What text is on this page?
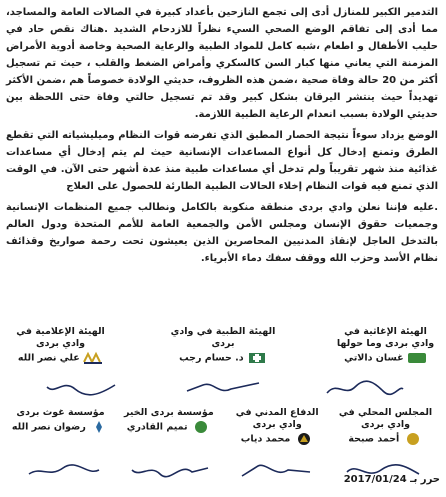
التدمير الكبير للمنازل أدى إلى تجمع النازحين بأعداد كبيرة في الصالات العامة والمساجد، مما أدى إلى تفاقم الوضع الصحي السيء نظراً للازدحام الشديد .هناك نقص حاد في حليب الأطفال و اطعام ،شبه كامل للمواد الطبية والرعاية الصحية وخاصة أدوية الأمراض المزمنة التي يعاني منها كبار السن كالسكري وأمراض الضغط والقلب ، حيث تم تسجيل أكثر من 20 حالة وفاة صحية ،ضمن هذه الظروف، حديثي الولادة خصوصاً هم ،ضمن الأكثر تهديداً حيث ينتشر اليرقان بشكل كبير وقد تم تسجيل حالتي وفاة حتى اللحظة بين حديثي الولادة بسبب انعدام الرعاية الطبية اللازمة.

الوضع يزداد سوءاً نتيجة الحصار المطبق الذي تفرضه قوات النظام وميليشياته التي تقطع الطرق وتمنع إدخال كل أنواع المساعدات الإنسانية حيث لم يتم إدخال أي مساعدات غذائية منذ شهر تقريباً ولم تدخل أي مساعدات طبية منذ عدة أشهر حتى الآن. في الوقت الذي تمنع فيه قوات النظام إخلاء الحالات الطبية الطارئة للحصول على العلاج

.عليه فإننا نعلن وادي بردى منطقة منكوبة بالكامل ونطالب جميع المنظمات الإنسانية وجمعيات حقوق الإنسان ومجلس الأمن والجمعية العامة للأمم المتحدة ودول العالم بالتدخل العاجل لإنقاذ المدنيين المحاصرين الذين يعيشون تحت رحمة صواريخ وقذائف نظام الأسد وحزب الله ووقف سفك دماء الأبرياء.

الهيئة الإغاثية في وادي بردى وما حولها
غسان دالاتي
الهيئة الطبية في وادي بردى
د. حسام رجب
الهيئة الإعلامية في وادي بردى
علي نصر الله
المجلس المحلي في وادي بردى
أحمد صبحة
الدفاع المدني في وادي بردى
محمد دياب
مؤسسة بردى الخير
تميم القادري
مؤسسة غوث بردى
رضوان نصر الله
حرر بـ 2017/01/24
